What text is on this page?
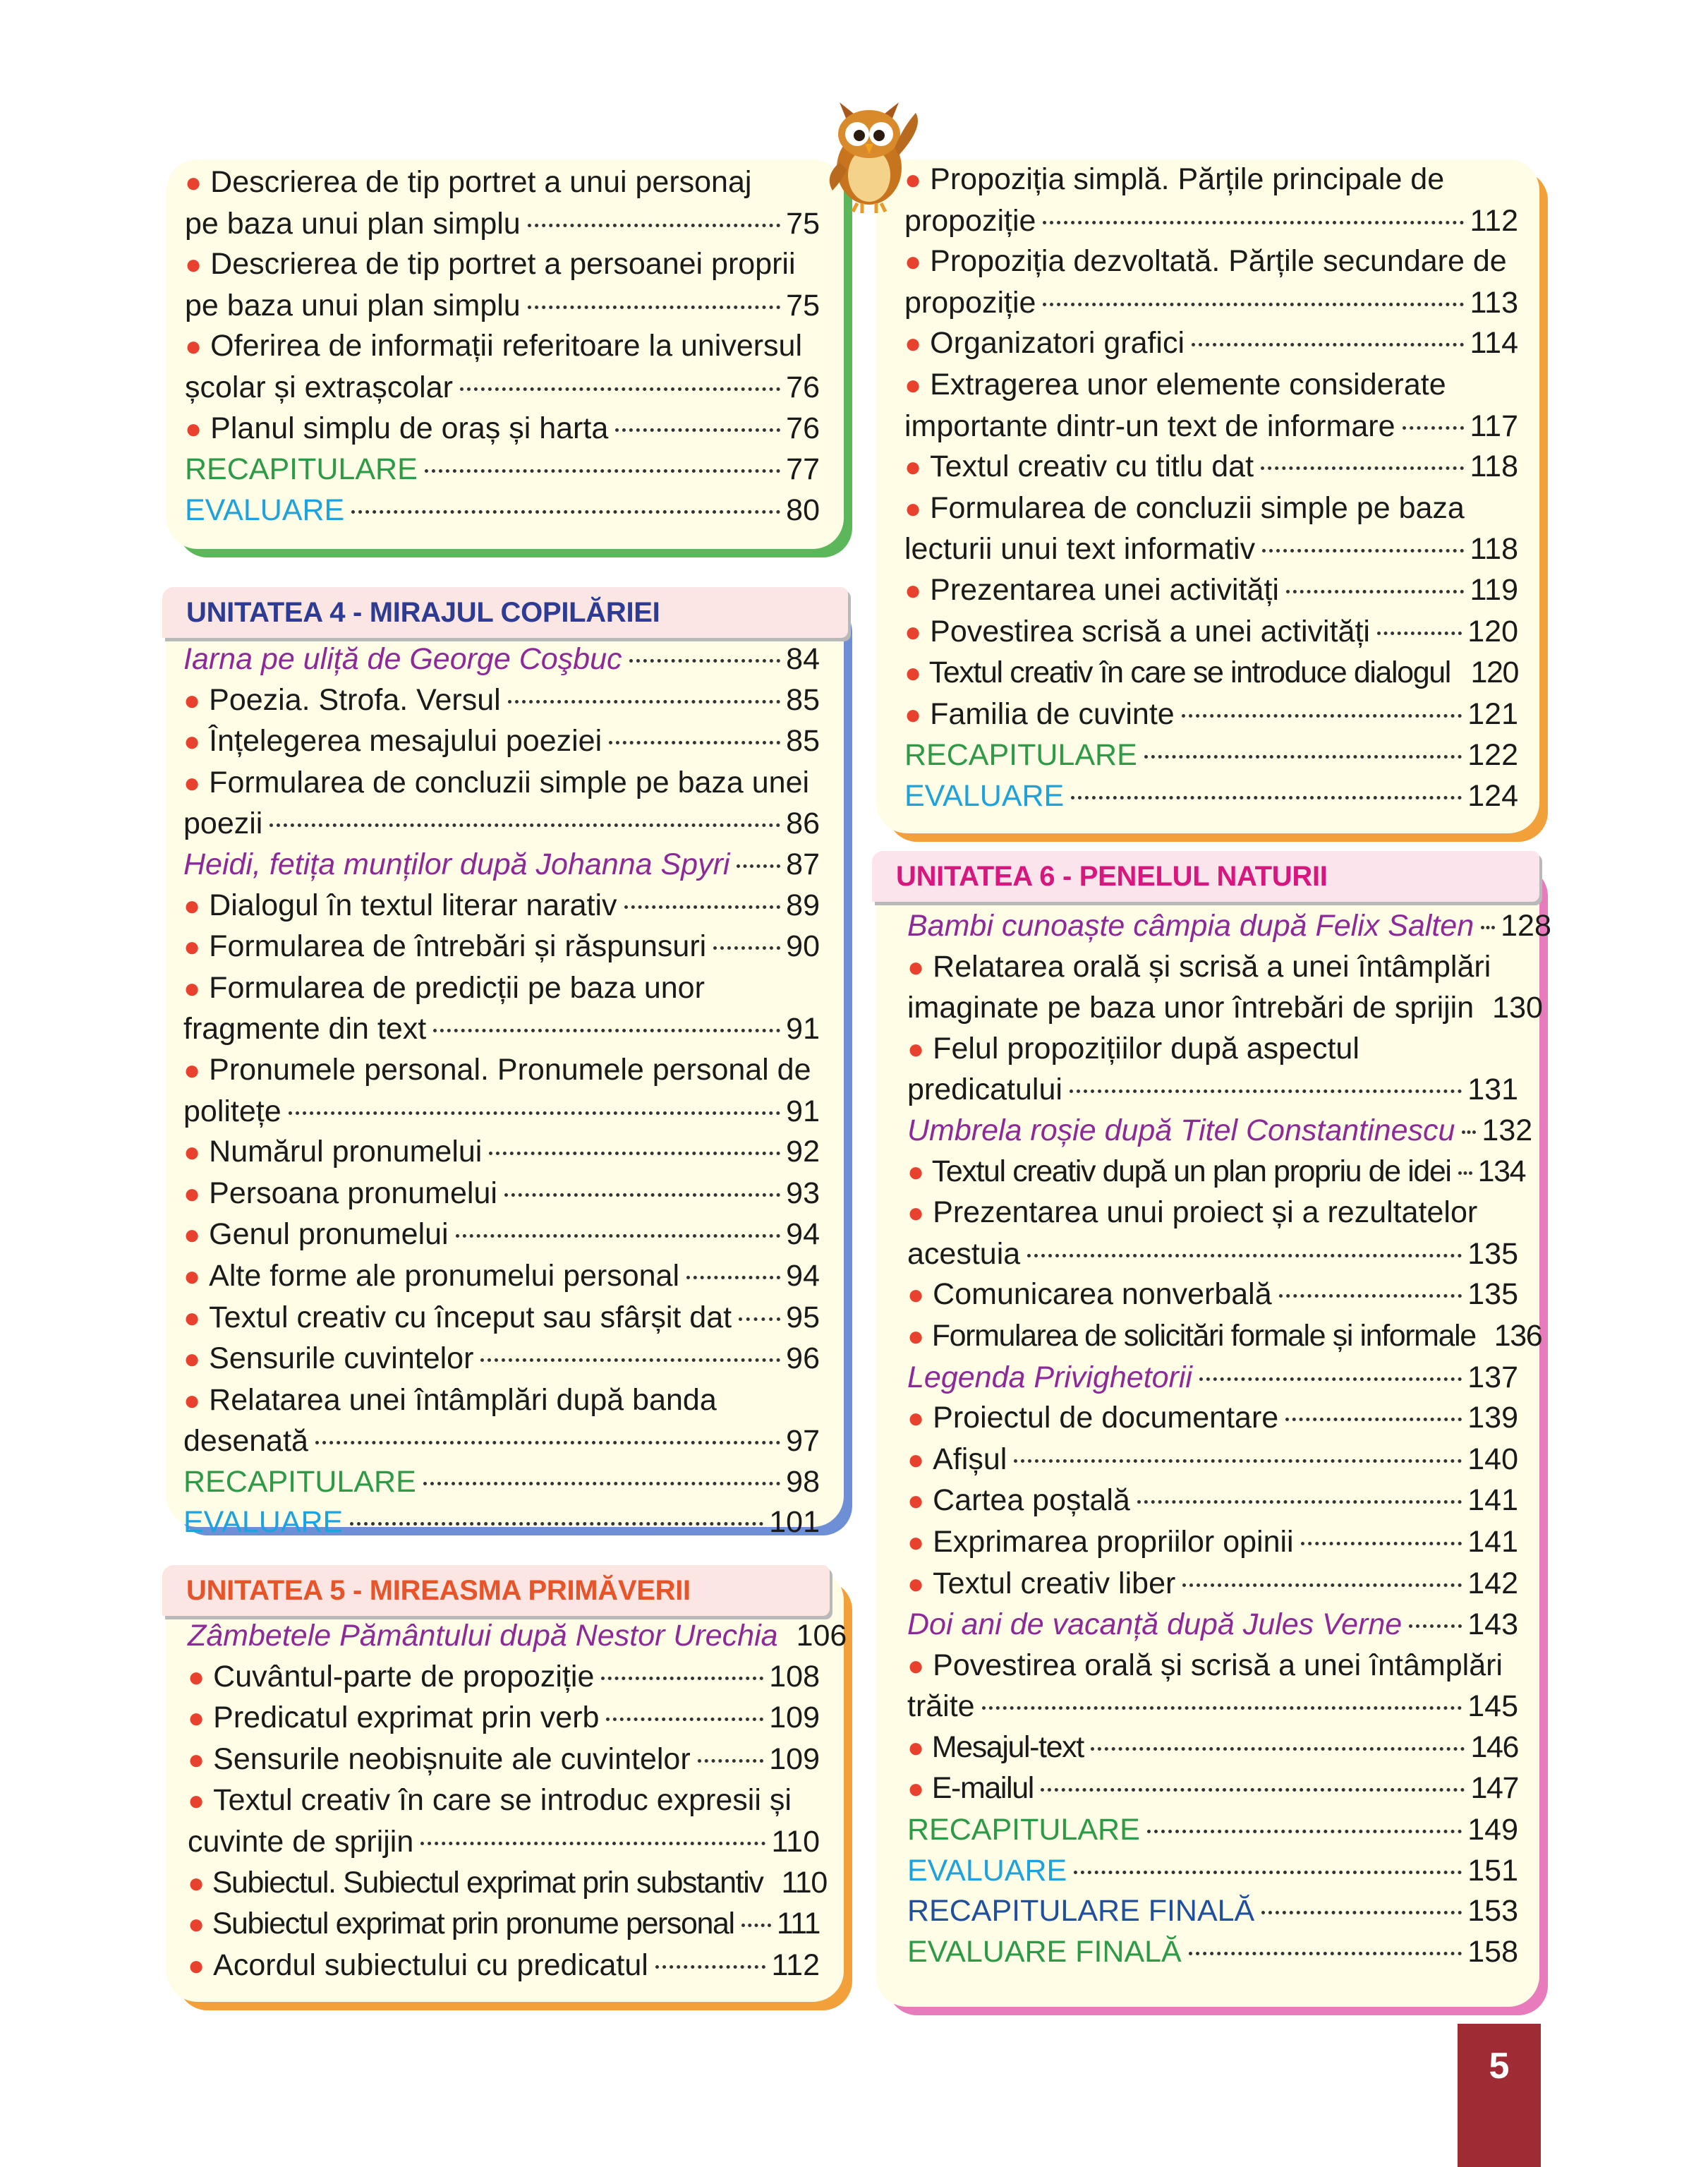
● Descrierea de tip portret a unui personaj
pe baza unui plan simplu	75
● Descrierea de tip portret a persoanei proprii
pe baza unui plan simplu	75
● Oferirea de informații referitoare la universul
școlar și extrașcolar	76
● Planul simplu de oraș și harta	76
RECAPITULARE	77
EVALUARE	80
UNITATEA 4 - MIRAJUL COPILĂRIEI
Iarna pe uliță de George Coşbuc	84
● Poezia. Strofa. Versul	85
● Înțelegerea mesajului poeziei	85
● Formularea de concluzii simple pe baza unei
poezii	86
Heidi, fetița munților după Johanna Spyri 87
● Dialogul în textul literar narativ	89
● Formularea de întrebări și răspunsuri	90
● Formularea de predicții pe baza unor
fragmente din text	91
● Pronumele personal. Pronumele personal de
politețe	91
● Numărul pronumelui	92
● Persoana pronumelui	93
● Genul pronumelui	94
● Alte forme ale pronumelui personal	94
● Textul creativ cu început sau sfârșit dat 95
● Sensurile cuvintelor	96
● Relatarea unei întâmplări după banda
desenată	97
RECAPITULARE	98
EVALUARE	101
UNITATEA 5 - MIREASMA PRIMĂVERII
Zâmbetele Pământului după Nestor Urechia 106
● Cuvântul-parte de propoziție	108
● Predicatul exprimat prin verb	109
● Sensurile neobișnuite ale cuvintelor	109
● Textul creativ în care se introduc expresii și
cuvinte de sprijin	110
● Subiectul. Subiectul exprimat prin substantiv 110
● Subiectul exprimat prin pronume personal 111
● Acordul subiectului cu predicatul	112
● Propoziția simplă. Părțile principale de
propoziție	112
● Propoziția dezvoltată. Părțile secundare de
propoziție	113
● Organizatori grafici	114
● Extragerea unor elemente considerate
importante dintr-un text de informare 117
● Textul creativ cu titlu dat	118
● Formularea de concluzii simple pe baza
lecturii unui text informativ	118
● Prezentarea unei activități	119
● Povestirea scrisă a unei activități	120
● Textul creativ în care se introduce dialogul 120
● Familia de cuvinte	121
RECAPITULARE	122
EVALUARE	124
UNITATEA 6 - PENELUL NATURII
Bambi cunoaște câmpia după Felix Salten 128
● Relatarea orală și scrisă a unei întâmplări
imaginate pe baza unor întrebări de sprijin 130
● Felul propozițiilor după aspectul
predicatului	131
Umbrela roșie după Titel Constantinescu 132
● Textul creativ după un plan propriu de idei 134
● Prezentarea unui proiect și a rezultatelor
acestuia	135
● Comunicarea nonverbală	135
● Formularea de solicitări formale și informale 136
Legenda Privighetorii	137
● Proiectul de documentare	139
● Afișul	140
● Cartea poștală	141
● Exprimarea propriilor opinii	141
● Textul creativ liber	142
Doi ani de vacanță după Jules Verne 143
● Povestirea orală și scrisă a unei întâmplări
trăite	145
● Mesajul-text	146
● E-mailul	147
RECAPITULARE	149
EVALUARE	151
RECAPITULARE FINALĂ	153
EVALUARE FINALĂ	158
5
